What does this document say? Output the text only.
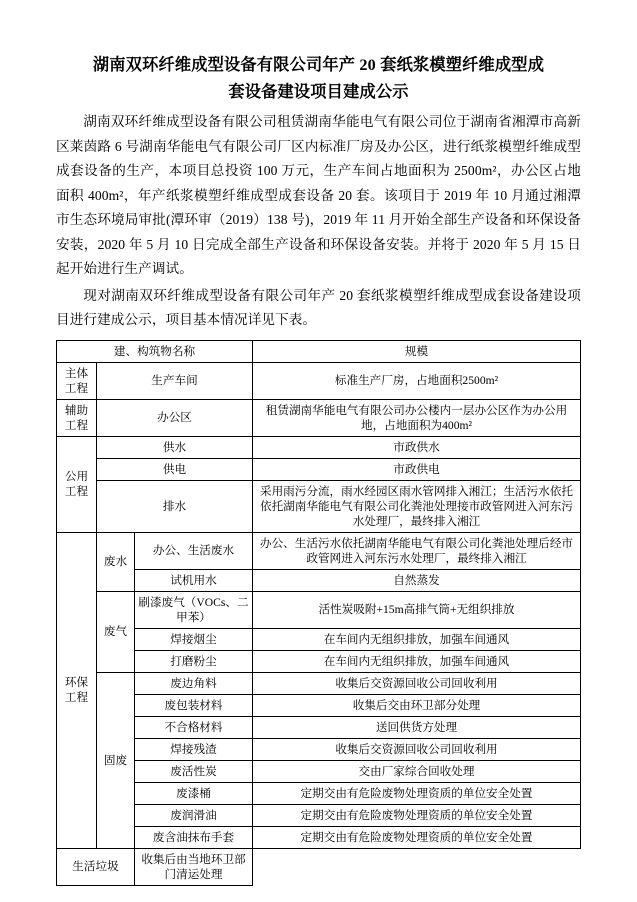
湖南双环纤维成型设备有限公司年产 20 套纸浆模塑纤维成型成
套设备建设项目建成公示

湖南双环纤维成型设备有限公司租赁湖南华能电气有限公司位于湖南省湘潭市高新区莱茵路 6 号湖南华能电气有限公司厂区内标准厂房及办公区，进行纸浆模塑纤维成型成套设备的生产，本项目总投资 100 万元，生产车间占地面积为 2500m²，办公区占地面积 400m²，年产纸浆模塑纤维成型成套设备 20 套。该项目于 2019 年 10 月通过湘潭市生态环境局审批(潭环审（2019）138 号)，2019 年 11 月开始全部生产设备和环保设备安装，2020 年 5 月 10 日完成全部生产设备和环保设备安装。并将于 2020 年 5 月 15 日起开始进行生产调试。

现对湖南双环纤维成型设备有限公司年产 20 套纸浆模塑纤维成型成套设备建设项目进行建成公示，项目基本情况详见下表。

建、构筑物名称			规模
主体工程	生产车间		标准生产厂房，占地面积2500m²
辅助工程	办公区		租赁湖南华能电气有限公司办公楼内一层办公区作为办公用地，占地面积为400m²
公用工程	供水		市政供水
	供电		市政供电
	排水		采用雨污分流，雨水经园区雨水管网排入湘江；生活污水依托依托湖南华能电气有限公司化粪池处理接市政管网进入河东污水处理厂，最终排入湘江
环保工程	废水	办公、生活废水	办公、生活污水依托湖南华能电气有限公司化粪池处理后经市政管网进入河东污水处理厂，最终排入湘江
		试机用水	自然蒸发
	废气	刷漆废气（VOCs、二甲苯）	活性炭吸附+15m高排气筒+无组织排放
		焊接烟尘	在车间内无组织排放，加强车间通风
		打磨粉尘	在车间内无组织排放，加强车间通风
	固废	废边角料	收集后交资源回收公司回收利用
		废包装材料	收集后交由环卫部分处理
		不合格材料	送回供货方处理
		焊接残渣	收集后交资源回收公司回收利用
		废活性炭	交由厂家综合回收处理
		废漆桶	定期交由有危险废物处理资质的单位安全处置
		废润滑油	定期交由有危险废物处理资质的单位安全处置
		废含油抹布手套	定期交由有危险废物处理资质的单位安全处置
生活垃圾		收集后由当地环卫部门清运处理	
